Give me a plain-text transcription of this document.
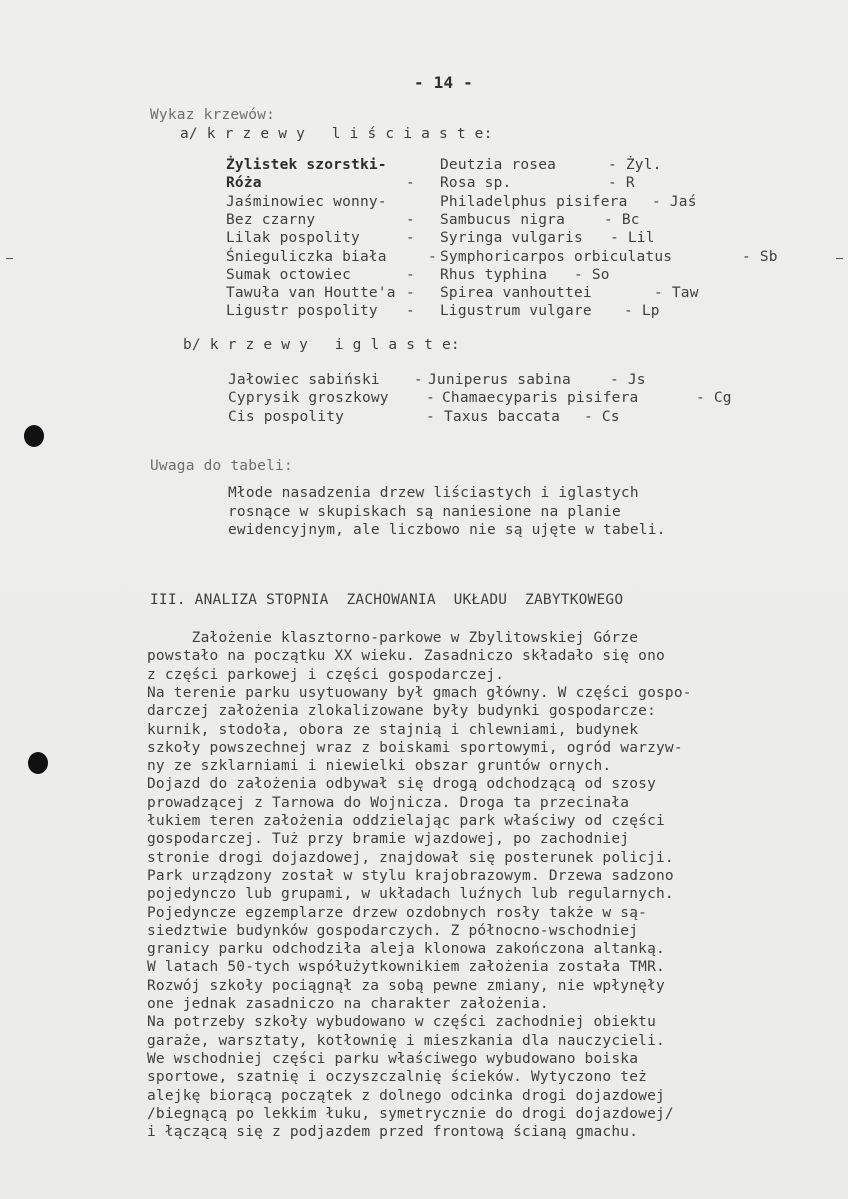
- 14 -
Wykaz krzewów:
a/ k r z e w y   l i ś c i a s t e:
Żylistek szorstki-	Deutzia rosea	- Żyl.
Róża	- Rosa sp.	- R
Jaśminowiec wonny-	Philadelphus pisifera - Jaś
Bez czarny	- Sambucus nigra	- Bc
Lilak pospolity	- Syringa vulgaris - Lil
Śnieguliczka biała	- Symphoricarpos orbiculatus	- Sb
Sumak octowiec	- Rhus typhina - So
Tawuła van Houtte'a - Spirea vanhouttei	- Taw
Ligustr pospolity - Ligustrum vulgare - Lp
b/ k r z e w y   i g l a s t e:
Jałowiec sabiński - Juniperus sabina	- Js
Cyprysik groszkowy	- Chamaecyparis pisifera	- Cg
Cis pospolity	- Taxus baccata - Cs
Uwaga do tabeli:
Młode nasadzenia drzew liściastych i iglastych
rosnące w skupiskach są naniesione na planie
ewidencyjnym, ale liczbowo nie są ujęte w tabeli.
III. ANALIZA STOPNIA  ZACHOWANIA  UKŁADU  ZABYTKOWEGO
Założenie klasztorno-parkowe w Zbylitowskiej Górze
powstało na początku XX wieku. Zasadniczo składało się ono
z części parkowej i części gospodarczej.
Na terenie parku usytuowany był gmach główny. W części gospo-
darczej założenia zlokalizowane były budynki gospodarcze:
kurnik, stodoła, obora ze stajnią i chlewniami, budynek
szkoły powszechnej wraz z boiskami sportowymi, ogród warzyw-
ny ze szklarniami i niewielki obszar gruntów ornych.
Dojazd do założenia odbywał się drogą odchodzącą od szosy
prowadzącej z Tarnowa do Wojnicza. Droga ta przecinała
łukiem teren założenia oddzielając park właściwy od części
gospodarczej. Tuż przy bramie wjazdowej, po zachodniej
stronie drogi dojazdowej, znajdował się posterunek policji.
Park urządzony został w stylu krajobrazowym. Drzewa sadzono
pojedynczo lub grupami, w układach luźnych lub regularnych.
Pojedyncze egzemplarze drzew ozdobnych rosły także w są-
siedztwie budynków gospodarczych. Z północno-wschodniej
granicy parku odchodziła aleja klonowa zakończona altanką.
W latach 50-tych współużytkownikiem założenia została TMR.
Rozwój szkoły pociągnął za sobą pewne zmiany, nie wpłynęły
one jednak zasadniczo na charakter założenia.
Na potrzeby szkoły wybudowano w części zachodniej obiektu
garaże, warsztaty, kotłownię i mieszkania dla nauczycieli.
We wschodniej części parku właściwego wybudowano boiska
sportowe, szatnię i oczyszczalnię ścieków. Wytyczono też
alejkę biorącą początek z dolnego odcinka drogi dojazdowej
/biegnącą po lekkim łuku, symetrycznie do drogi dojazdowej/
i łączącą się z podjazdem przed frontową ścianą gmachu.
